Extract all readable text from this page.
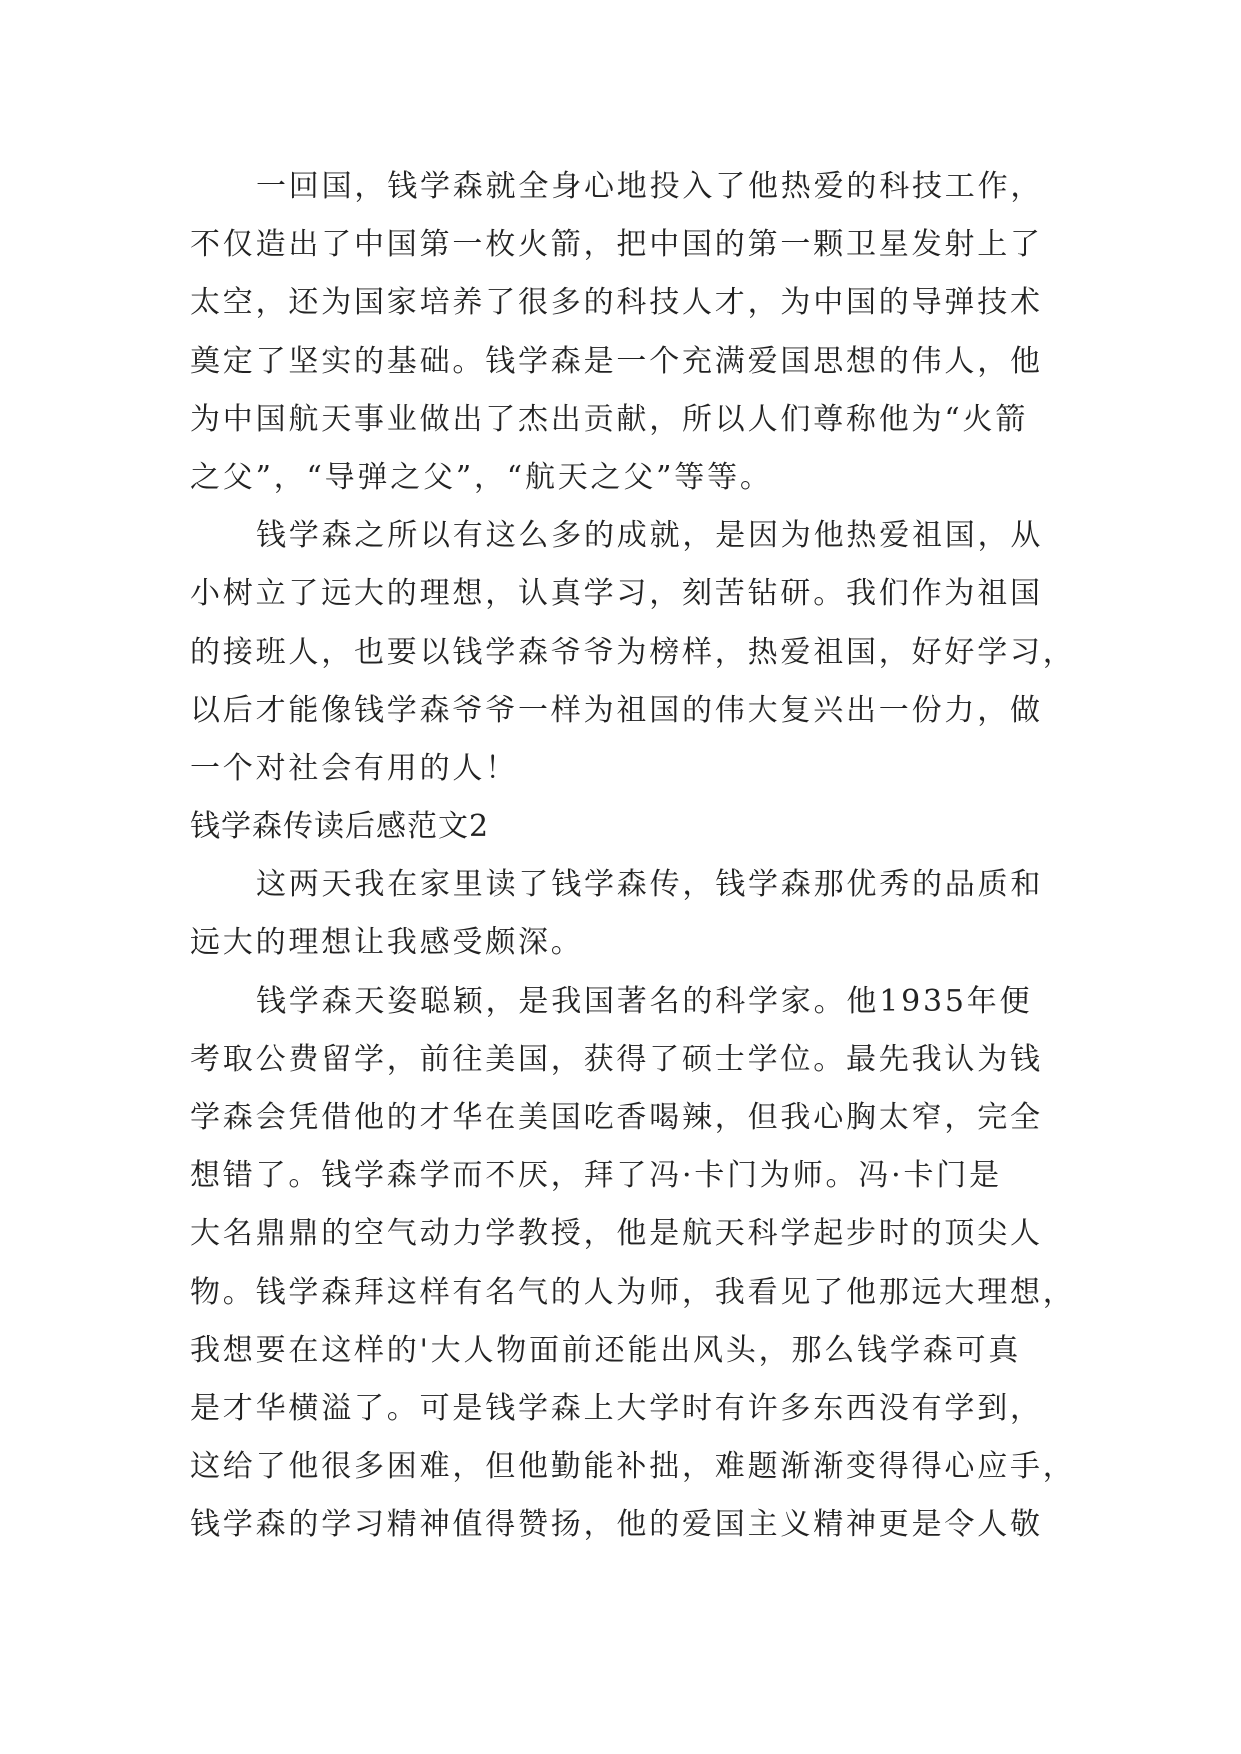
一回国，钱学森就全身心地投入了他热爱的科技工作，
不仅造出了中国第一枚火箭，把中国的第一颗卫星发射上了
太空，还为国家培养了很多的科技人才，为中国的导弹技术
奠定了坚实的基础。钱学森是一个充满爱国思想的伟人，他
为中国航天事业做出了杰出贡献，所以人们尊称他为“火箭
之父”，“导弹之父”，“航天之父”等等。
钱学森之所以有这么多的成就，是因为他热爱祖国，从
小树立了远大的理想，认真学习，刻苦钻研。我们作为祖国
的接班人，也要以钱学森爷爷为榜样，热爱祖国，好好学习，
以后才能像钱学森爷爷一样为祖国的伟大复兴出一份力，做
一个对社会有用的人！
钱学森传读后感范文2
这两天我在家里读了钱学森传，钱学森那优秀的品质和
远大的理想让我感受颇深。
钱学森天姿聪颖，是我国著名的科学家。他1935年便
考取公费留学，前往美国，获得了硕士学位。最先我认为钱
学森会凭借他的才华在美国吃香喝辣，但我心胸太窄，完全
想错了。钱学森学而不厌，拜了冯·卡门为师。冯·卡门是
大名鼎鼎的空气动力学教授，他是航天科学起步时的顶尖人
物。钱学森拜这样有名气的人为师，我看见了他那远大理想，
我想要在这样的'大人物面前还能出风头，那么钱学森可真
是才华横溢了。可是钱学森上大学时有许多东西没有学到，
这给了他很多困难，但他勤能补拙，难题渐渐变得得心应手，
钱学森的学习精神值得赞扬，他的爱国主义精神更是令人敬
